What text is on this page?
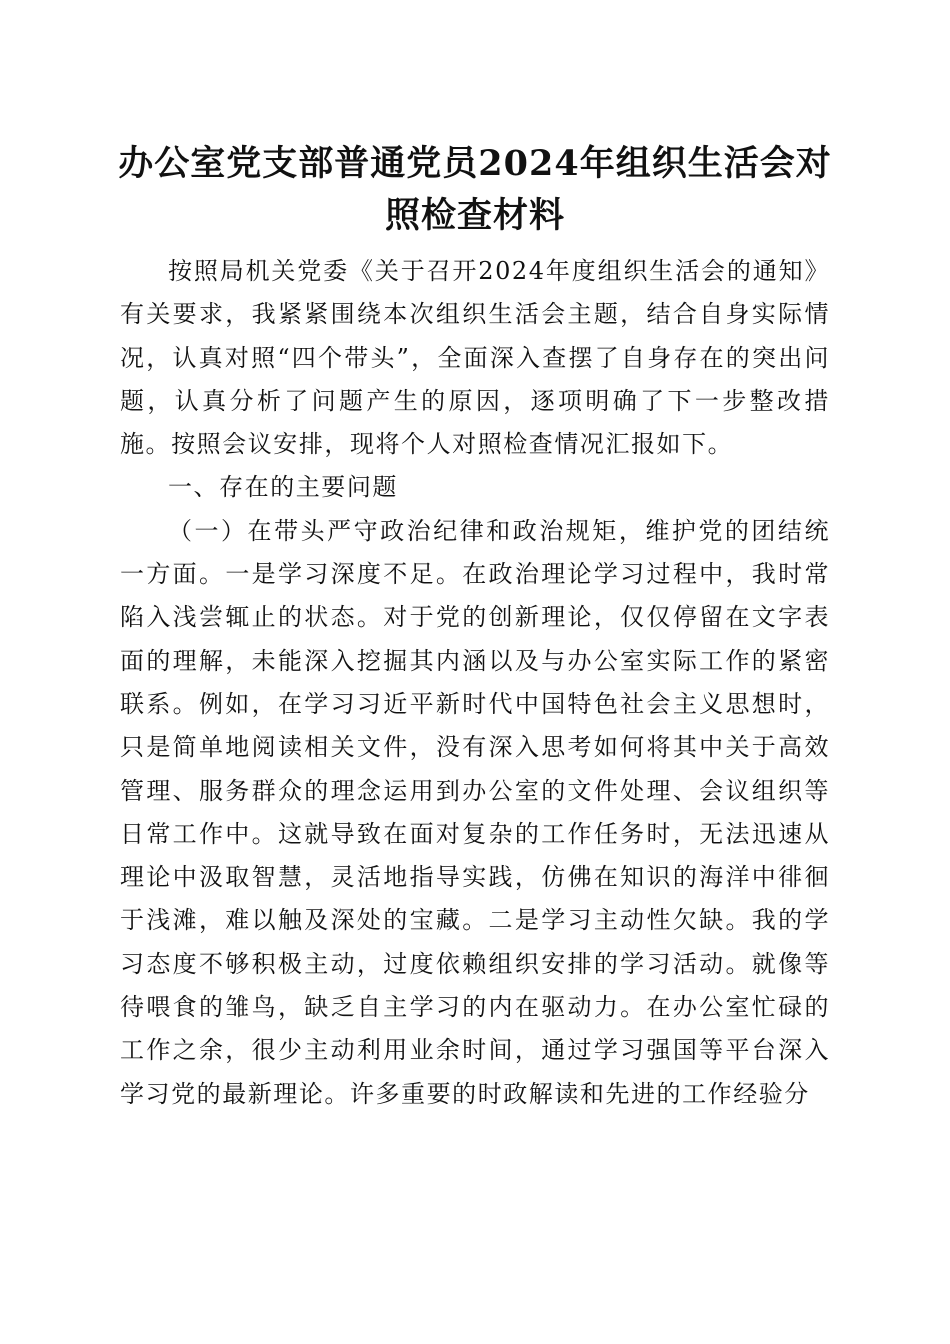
办公室党支部普通党员2024年组织生活会对
照检查材料

按照局机关党委《关于召开2024年度组织生活会的通知》有关要求，我紧紧围绕本次组织生活会主题，结合自身实际情况，认真对照“四个带头”，全面深入查摆了自身存在的突出问题，认真分析了问题产生的原因，逐项明确了下一步整改措施。按照会议安排，现将个人对照检查情况汇报如下。

一、存在的主要问题

（一）在带头严守政治纪律和政治规矩，维护党的团结统一方面。一是学习深度不足。在政治理论学习过程中，我时常陷入浅尝辄止的状态。对于党的创新理论，仅仅停留在文字表面的理解，未能深入挖掘其内涵以及与办公室实际工作的紧密联系。例如，在学习习近平新时代中国特色社会主义思想时，只是简单地阅读相关文件，没有深入思考如何将其中关于高效管理、服务群众的理念运用到办公室的文件处理、会议组织等日常工作中。这就导致在面对复杂的工作任务时，无法迅速从理论中汲取智慧，灵活地指导实践，仿佛在知识的海洋中徘徊于浅滩，难以触及深处的宝藏。二是学习主动性欠缺。我的学习态度不够积极主动，过度依赖组织安排的学习活动。就像等待喂食的雏鸟，缺乏自主学习的内在驱动力。在办公室忙碌的工作之余，很少主动利用业余时间，通过学习强国等平台深入学习党的最新理论。许多重要的时政解读和先进的工作经验分
